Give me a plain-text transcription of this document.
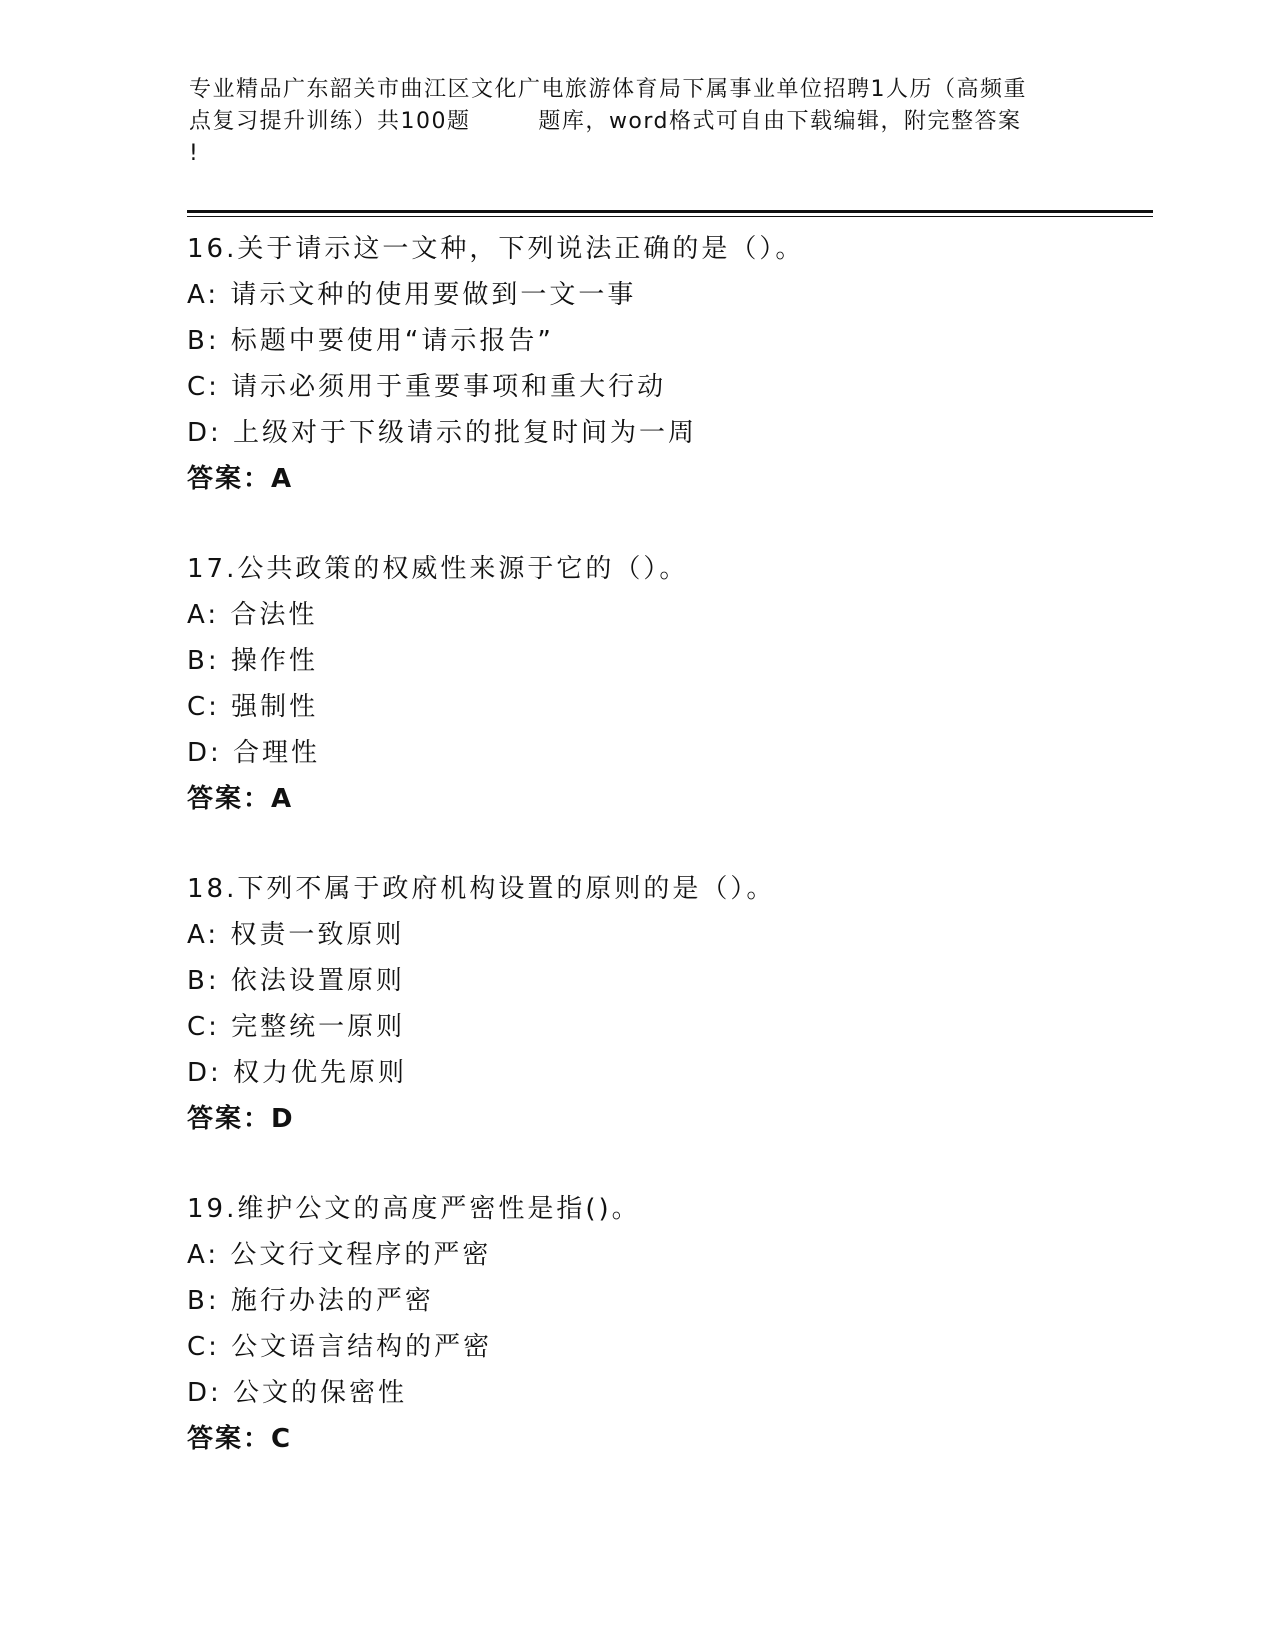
专业精品广东韶关市曲江区文化广电旅游体育局下属事业单位招聘1人历（高频重
点复习提升训练）共100题        题库，word格式可自由下载编辑，附完整答案
!
16.关于请示这一文种，下列说法正确的是（）。
A: 请示文种的使用要做到一文一事
B: 标题中要使用“请示报告”
C: 请示必须用于重要事项和重大行动
D: 上级对于下级请示的批复时间为一周
答案：A
17.公共政策的权威性来源于它的（）。
A: 合法性
B: 操作性
C: 强制性
D: 合理性
答案：A
18.下列不属于政府机构设置的原则的是（）。
A: 权责一致原则
B: 依法设置原则
C: 完整统一原则
D: 权力优先原则
答案：D
19.维护公文的高度严密性是指()。
A: 公文行文程序的严密
B: 施行办法的严密
C: 公文语言结构的严密
D: 公文的保密性
答案：C
